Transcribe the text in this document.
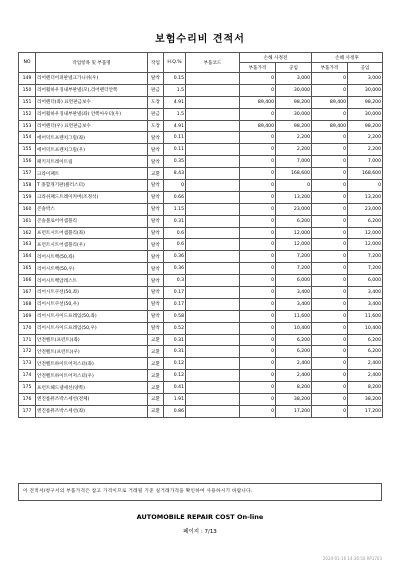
보험수리비 견적서
NO	작업항목 및 부품명	작업	H.Q.%	부품코드	손해 사정전		손해 사정후	
					부품가격	공임	부품가격	공임
149	리어펜더어퍼판넬크가니쉬(우)	탈착	0.15		0	3,000	0	3,000
150	리어휠하우징내부판넬(모),리어펜더안쪽	판금	1.5		0	30,000	0	30,000
151	리어펜더(좌) 표면판금보수	도장	4.91		89,400	98,200	89,400	98,200
152	리어휠하우징내부판넬(좌) 안쪽아우터(우)	판금	1.5		0	30,000	0	30,000
153	리어펜더(우) 표면판금보수	도장	4.91		89,400	98,200	89,400	98,200
154	에어덕트프렌치그릴(좌)	탈착	0.11		0	2,200	0	2,200
155	에어덕트프렌치그릴(우)	탈착	0.11		0	2,200	0	2,200
156	패키지트레이트림	탈착	0.35		0	7,000	0	7,000
157	크라이패트	교환	8.43		0	168,600	0	168,600
158	T 종합개기판(클러스터)	탈착	0		0	0	0	0
159	크라쉬패드트레이커버(조정석)	탈착	0.66		0	13,200	0	13,200
160	콘솔박스	탈착	1.15		0	23,000	0	23,000
161	콘솔볼로어어셈블리	탈착	0.31		0	6,200	0	6,200
162	프런트시트어셈블리(좌)	탈착	0.6		0	12,000	0	12,000
163	프런트시트어셈블리(우)	탈착	0.6		0	12,000	0	12,000
164	리어시트백(50,좌)	탈착	0.36		0	7,200	0	7,200
165	리어시트백(50,우)	탈착	0.36		0	7,200	0	7,200
166	리어시트백암레스트	탈착	0.3		0	6,000	0	6,000
167	리어시트쿠션(50,좌)	탈착	0.17		0	3,400	0	3,400
168	리어시트쿠션(50,우)	탈착	0.17		0	3,400	0	3,400
169	리어시트사이드프레임(50,좌)	탈착	0.58		0	11,600	0	11,600
170	리어시트사이드프레임(50,우)	탈착	0.52		0	10,400	0	10,400
171	안전벨트(프런트)(좌)	교환	0.31		0	6,200	0	6,200
172	안전벨트(프런트)(우)	교환	0.31		0	6,200	0	6,200
173	안전벨트하이트어저스터(좌)	교환	0.12		0	2,400	0	2,400
174	안전벨트하이트어저스터(우)	교환	0.12		0	2,400	0	2,400
175	프런트헤드낼세선(양쪽)	교환	0.41		0	8,200	0	8,200
176	엔진룸퓨즈박스세선(전체)	교환	1.91		0	38,200	0	38,200
177	엔진룸퓨즈박스세선(좌)	교환	0.86		0	17,200	0	17,200
이 견적서/청구서의 부품가격은 참고 가격이므로 거래될 기준 실거래가격을 확인하여 사용하시기 바랍니다.
AUTOMOBILE REPAIR COST On-line
페이지 : 7/13
2024-01-16 14:36:50 RP1703
